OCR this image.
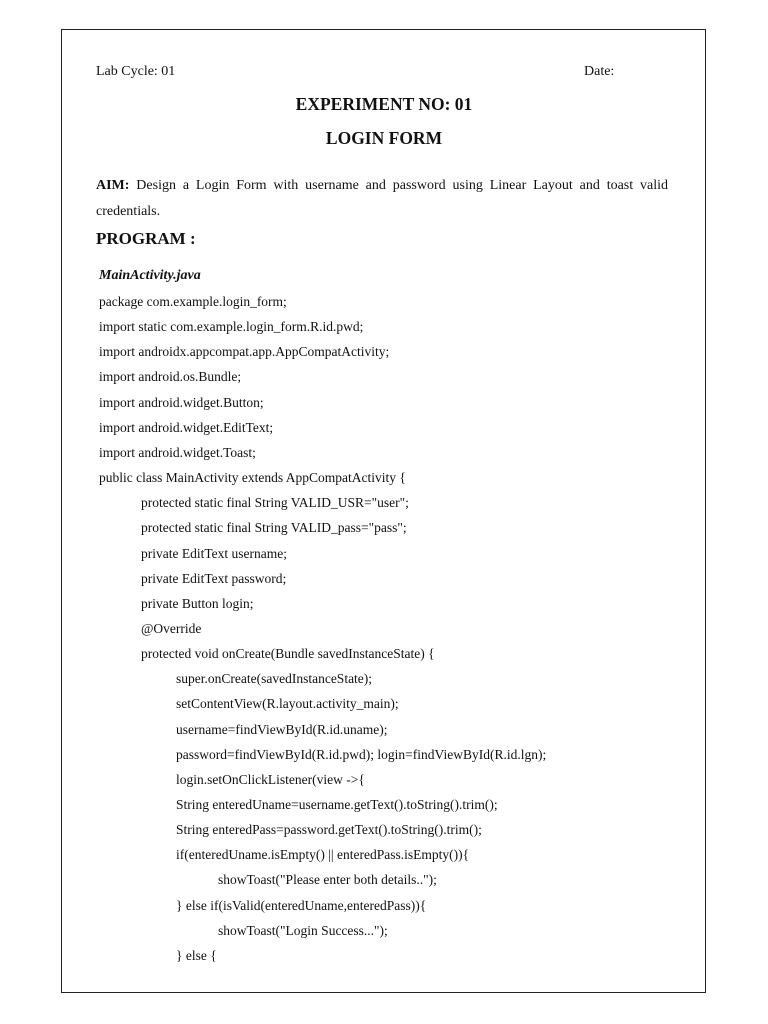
Lab Cycle: 01	Date:
EXPERIMENT NO: 01
LOGIN FORM
AIM: Design a Login Form with username and password using Linear Layout and toast valid
credentials.
PROGRAM :
MainActivity.java
package com.example.login_form;
import static com.example.login_form.R.id.pwd;
import androidx.appcompat.app.AppCompatActivity;
import android.os.Bundle;
import android.widget.Button;
import android.widget.EditText;
import android.widget.Toast;
public class MainActivity extends AppCompatActivity {
protected static final String VALID_USR="user";
protected static final String VALID_pass="pass";
private EditText username;
private EditText password;
private Button login;
@Override
protected void onCreate(Bundle savedInstanceState) {
super.onCreate(savedInstanceState);
setContentView(R.layout.activity_main);
username=findViewById(R.id.uname);
password=findViewById(R.id.pwd); login=findViewById(R.id.lgn);
login.setOnClickListener(view ->{
String enteredUname=username.getText().toString().trim();
String enteredPass=password.getText().toString().trim();
if(enteredUname.isEmpty() || enteredPass.isEmpty()){
showToast("Please enter both details..");
} else if(isValid(enteredUname,enteredPass)){
showToast("Login Success...");
} else {
